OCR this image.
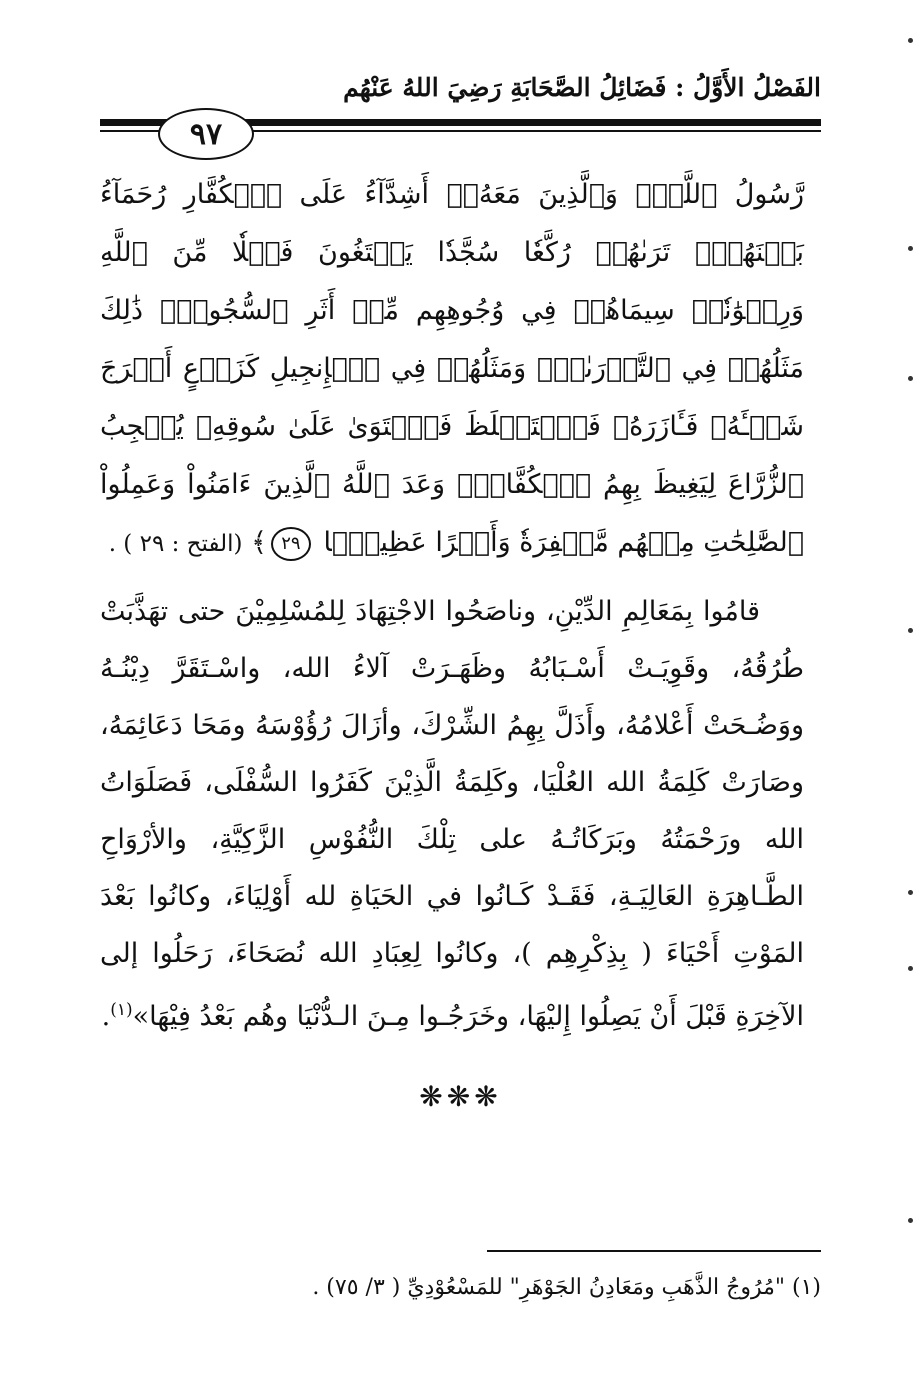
الفَصْلُ الأَوَّلُ : فَضَائِلُ الصَّحَابَةِ رَضِيَ اللهُ عَنْهُم
٩٧

رَّسُولُ ٱللَّهِۚ وَٱلَّذِينَ مَعَهُۥٓ أَشِدَّآءُ عَلَى ٱلۡكُفَّارِ رُحَمَآءُ بَيۡنَهُمۡۖ تَرَىٰهُمۡ رُكَّعٗا سُجَّدٗا يَبۡتَغُونَ فَضۡلٗا مِّنَ ٱللَّهِ وَرِضۡوَٰنٗاۖ سِيمَاهُمۡ فِي وُجُوهِهِم مِّنۡ أَثَرِ ٱلسُّجُودِۚ ذَٰلِكَ مَثَلُهُمۡ فِي ٱلتَّوۡرَىٰةِۚ وَمَثَلُهُمۡ فِي ٱلۡإِنجِيلِ كَزَرۡعٍ أَخۡرَجَ شَطۡـَٔهُۥ فَـَٔازَرَهُۥ فَٱسۡتَغۡلَظَ فَٱسۡتَوَىٰ عَلَىٰ سُوقِهِۦ يُعۡجِبُ ٱلزُّرَّاعَ لِيَغِيظَ بِهِمُ ٱلۡكُفَّارَۗ وَعَدَ ٱللَّهُ ٱلَّذِينَ ءَامَنُواْ وَعَمِلُواْ ٱلصَّٰلِحَٰتِ مِنۡهُم مَّغۡفِرَةٗ وَأَجۡرًا عَظِيمَۢا ٢٩﴾ (الفتح : ٢٩ ) .

قامُوا بِمَعَالِمِ الدِّيْنِ، وناصَحُوا الاجْتِهَادَ لِلمُسْلِمِيْنَ حتى تهَذَّبَتْ طُرُقُهُ، وقَوِيَـتْ أَسْـبَابُهُ وظَهَـرَتْ آلاءُ الله، واسْـتَقَرَّ دِيْنُـهُ ووَضُـحَتْ أَعْلامُهُ، وأَذَلَّ بِهِمُ الشِّرْكَ، وأزَالَ رُؤُوْسَهُ ومَحَا دَعَائِمَهُ، وصَارَتْ كَلِمَةُ الله العُلْيَا، وكَلِمَةُ الَّذِيْنَ كَفَرُوا السُّفْلَى، فَصَلَوَاتُ الله ورَحْمَتُهُ وبَرَكَاتُـهُ على تِلْكَ النُّفُوْسِ الزَّكِيَّةِ، والأرْوَاحِ الطَّـاهِرَةِ العَالِيَـةِ، فَقَـدْ كَـانُوا في الحَيَاةِ لله أَوْلِيَاءَ، وكانُوا بَعْدَ المَوْتِ أَحْيَاءَ ( بِذِكْرِهِم )، وكانُوا لِعِبَادِ الله نُصَحَاءَ، رَحَلُوا إلى الآخِرَةِ قَبْلَ أَنْ يَصِلُوا إِليْهَا، وخَرَجُـوا مِـنَ الـدُّنْيَا وهُم بَعْدُ فِيْهَا»$^{(١)}$.

❋❋❋
(١) "مُرُوجُ الذَّهَبِ ومَعَادِنُ الجَوْهَرِ" للمَسْعُوْدِيِّ ( ٣/ ٧٥) .
